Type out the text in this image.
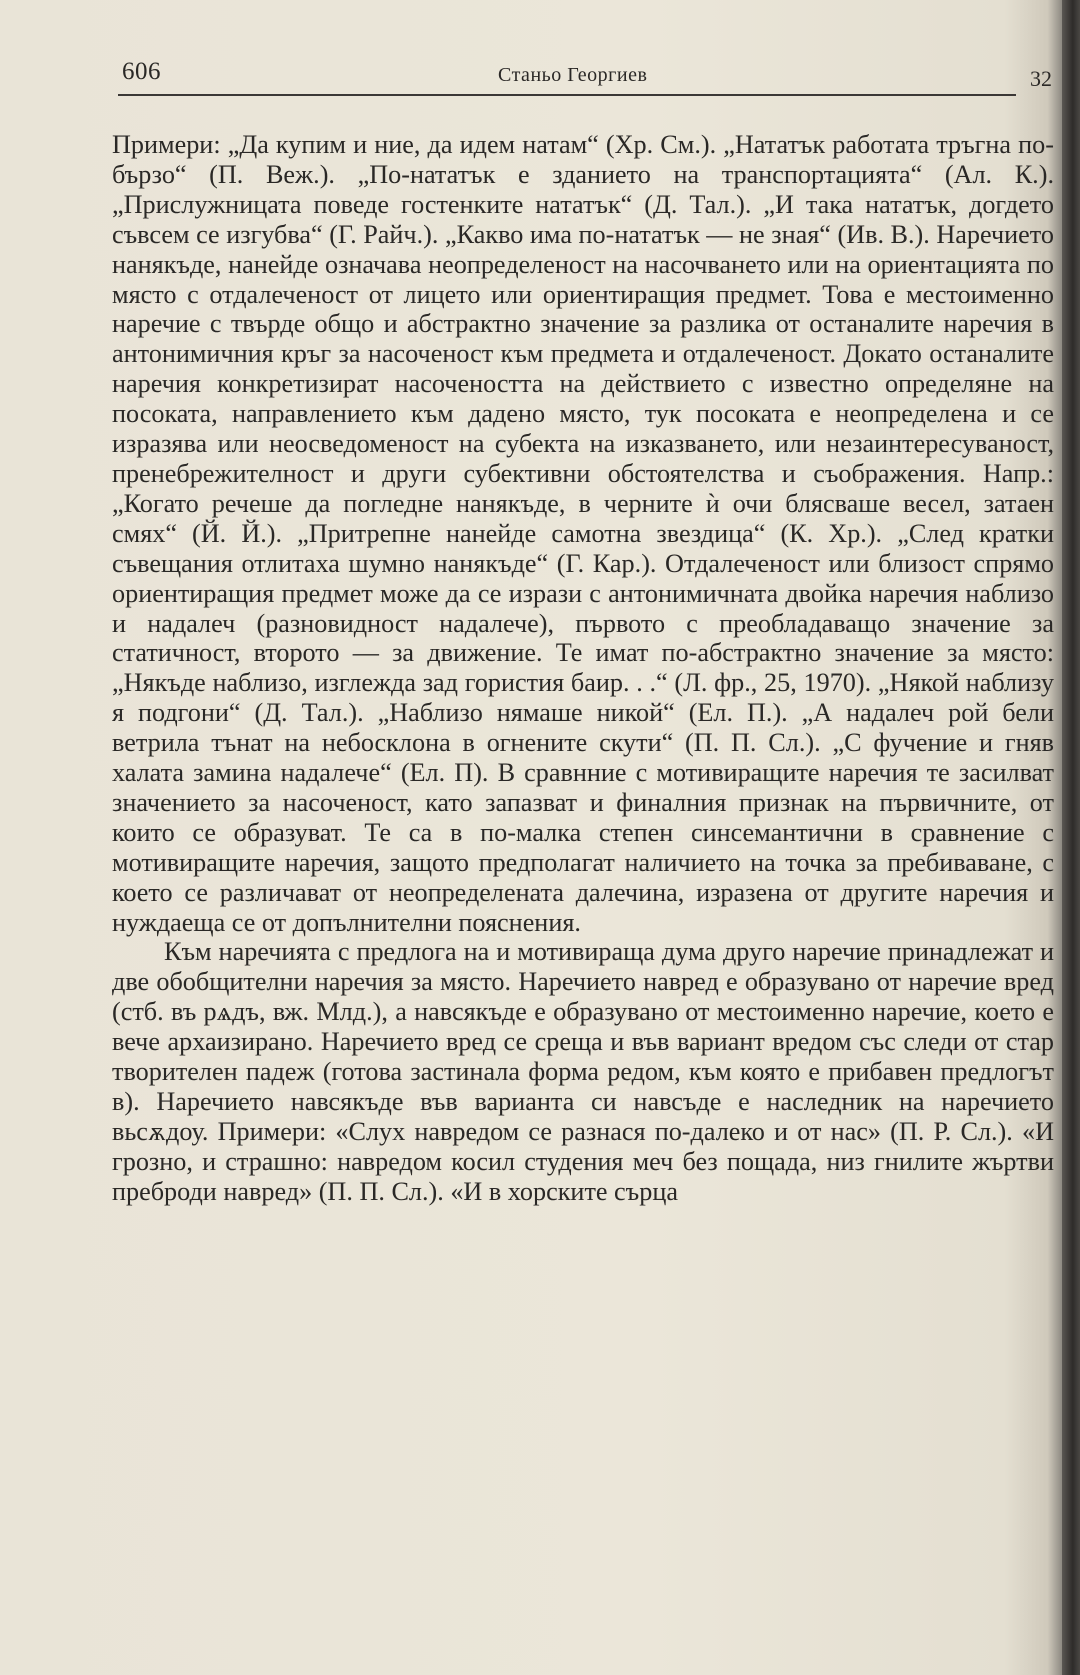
606	Станьо Георгиев	32

Примери: „Да купим и ние, да идем натам“ (Хр. См.). „Нататък работата тръгна по-бързо“ (П. Веж.). „По-нататък е зданието на транспортацията“ (Ал. К.). „Прислужницата поведе гостенките нататък“ (Д. Тал.). „И така нататък, догдето съвсем се изгубва“ (Г. Райч.). „Какво има по-нататък — не зная“ (Ив. В.). Наречието нанякъде, нанейде означава неопределеност на насочването или на ориентацията по място с отдалеченост от лицето или ориентиращия предмет. Това е местоименно наречие с твърде общо и абстрактно значение за разлика от останалите наречия в антонимичния кръг за насоченост към предмета и отдалеченост. Докато останалите наречия конкретизират насочеността на действието с известно определяне на посоката, направлението към дадено място, тук посоката е неопределена и се изразява или неосведоменост на субекта на изказването, или незаинтересуваност, пренебрежителност и други субективни обстоятелства и съображения. Напр.: „Когато речеше да погледне нанякъде, в черните ѝ очи блясваше весел, затаен смях“ (Й. Й.). „Притрепне нанейде самотна звездица“ (К. Хр.). „След кратки съвещания отлитаха шумно нанякъде“ (Г. Кар.). Отдалеченост или близост спрямо ориентиращия предмет може да се изрази с антонимичната двойка наречия наблизо и надалеч (разновидност надалече), първото с преобладаващо значение за статичност, второто — за движение. Те имат по-абстрактно значение за място: „Някъде наблизо, изглежда зад гористия баир. . .“ (Л. фр., 25, 1970). „Някой наблизу я подгони“ (Д. Тал.). „Наблизо нямаше никой“ (Ел. П.). „А надалеч рой бели ветрила тънат на небосклона в огнените скути“ (П. П. Сл.). „С фучение и гняв халата замина надалече“ (Ел. П). В сравнние с мотивиращите наречия те засилват значението за насоченост, като запазват и финалния признак на първичните, от които се образуват. Те са в по-малка степен синсемантични в сравнение с мотивиращите наречия, защото предполагат наличието на точка за пребиваване, с което се различават от неопределената далечина, изразена от другите наречия и нуждаеща се от допълнителни пояснения.

Към наречията с предлога на и мотивираща дума друго наречие принадлежат и две обобщителни наречия за място. Наречието навред е образувано от наречие вред (стб. въ рѧдъ, вж. Млд.), а навсякъде е образувано от местоименно наречие, което е вече архаизирано. Наречието вред се среща и във вариант вредом със следи от стар творителен падеж (готова застинала форма редом, към която е прибавен предлогът в). Наречието навсякъде във варианта си навсъде е наследник на наречието вьсѫдоу. Примери: «Слух навредом се разнася по-далеко и от нас» (П. Р. Сл.). «И грозно, и страшно: навредом косил студения меч без пощада, низ гнилите жъртви преброди навред» (П. П. Сл.). «И в хорските сърца
